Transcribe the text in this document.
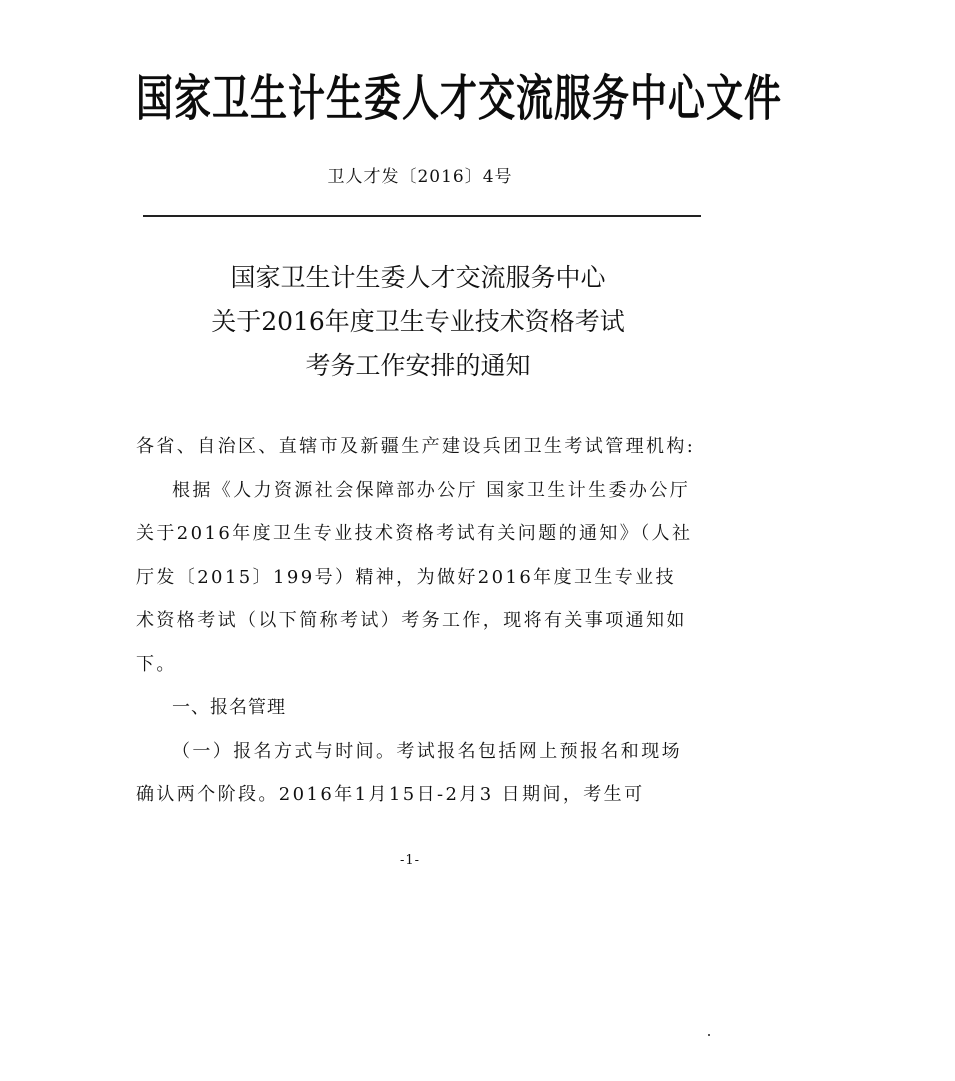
国家卫生计生委人才交流服务中心文件
卫人才发〔2016〕4号
国家卫生计生委人才交流服务中心
关于2016年度卫生专业技术资格考试
考务工作安排的通知

各省、自治区、直辖市及新疆生产建设兵团卫生考试管理机构:

根据《人力资源社会保障部办公厅 国家卫生计生委办公厅关于2016年度卫生专业技术资格考试有关问题的通知》（人社厅发〔2015〕199号）精神，为做好2016年度卫生专业技术资格考试（以下简称考试）考务工作，现将有关事项通知如下。

一、报名管理

（一）报名方式与时间。考试报名包括网上预报名和现场确认两个阶段。2016年1月15日-2月3 日期间，考生可

-1-
